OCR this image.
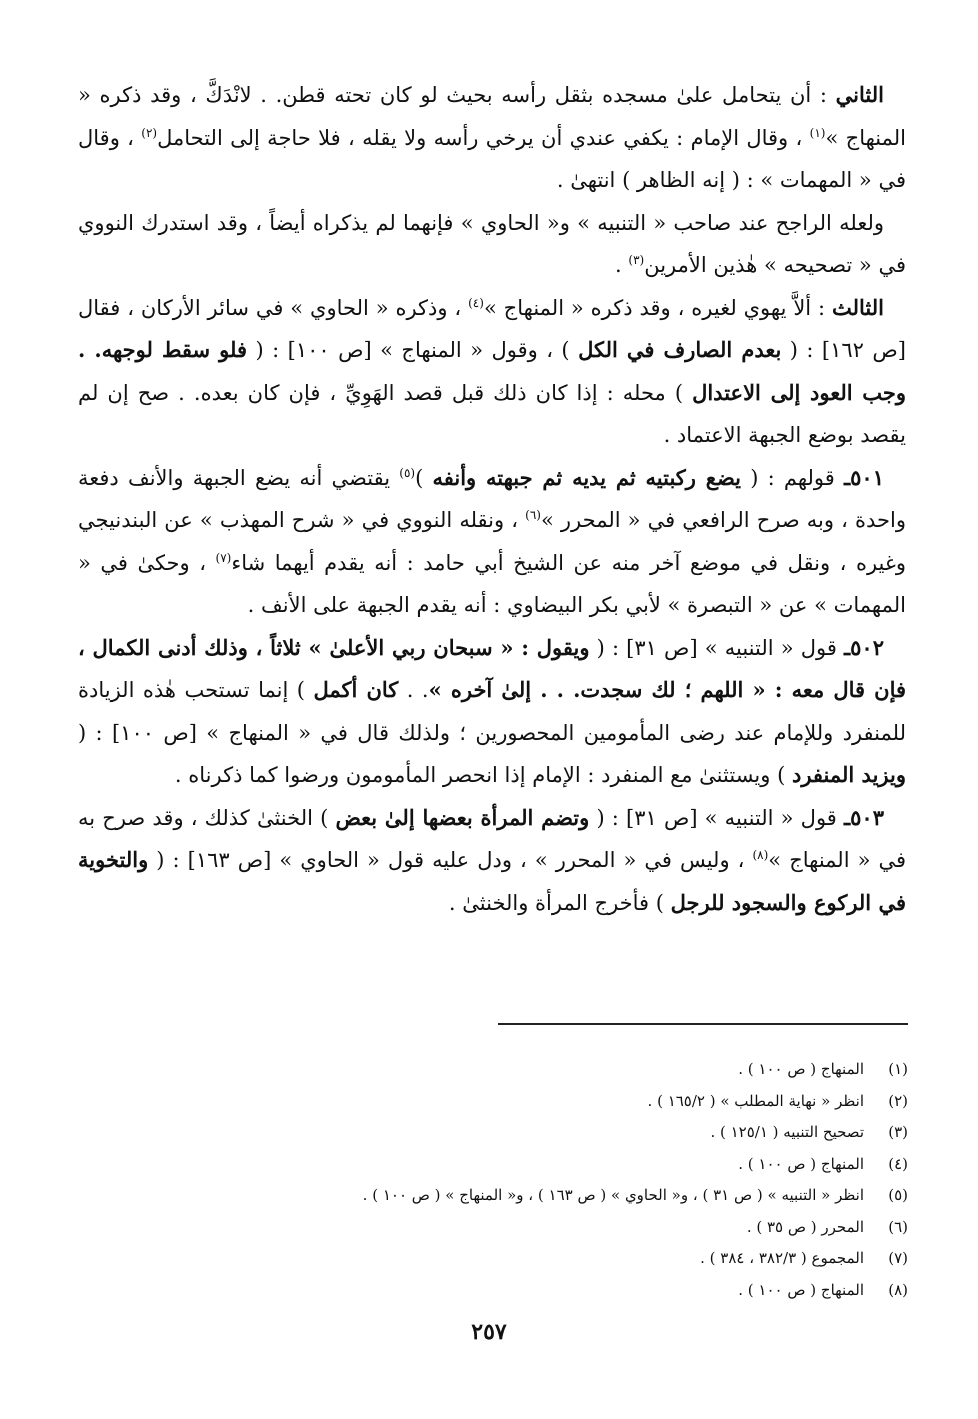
الثاني : أن يتحامل علىٰ مسجده بثقل رأسه بحيث لو كان تحته قطن. . لانْدَكَّ ، وقد ذكره « المنهاج »$^{(١)}$ ، وقال الإمام : يكفي عندي أن يرخي رأسه ولا يقله ، فلا حاجة إلى التحامل$^{(٢)}$ ، وقال في « المهمات » : ( إنه الظاهر ) انتهىٰ .

ولعله الراجح عند صاحب « التنبيه » و« الحاوي » فإنهما لم يذكراه أيضاً ، وقد استدرك النووي في « تصحيحه » هٰذين الأمرين$^{(٣)}$ .

الثالث : ألاَّ يهوي لغيره ، وقد ذكره « المنهاج »$^{(٤)}$ ، وذكره « الحاوي » في سائر الأركان ، فقال [ص ١٦٢] : ( بعدم الصارف في الكل ) ، وقول « المنهاج » [ص ١٠٠] : ( فلو سقط لوجهه. . وجب العود إلى الاعتدال ) محله : إذا كان ذلك قبل قصد الهَوِيِّ ، فإن كان بعده. . صح إن لم يقصد بوضع الجبهة الاعتماد .

٥٠١ـ قولهم : ( يضع ركبتيه ثم يديه ثم جبهته وأنفه )$^{(٥)}$ يقتضي أنه يضع الجبهة والأنف دفعة واحدة ، وبه صرح الرافعي في « المحرر »$^{(٦)}$ ، ونقله النووي في « شرح المهذب » عن البندنيجي وغيره ، ونقل في موضع آخر منه عن الشيخ أبي حامد : أنه يقدم أيهما شاء$^{(٧)}$ ، وحكىٰ في « المهمات » عن « التبصرة » لأبي بكر البيضاوي : أنه يقدم الجبهة على الأنف .

٥٠٢ـ قول « التنبيه » [ص ٣١] : ( ويقول : « سبحان ربي الأعلىٰ » ثلاثاً ، وذلك أدنى الكمال ، فإن قال معه : « اللهم ؛ لك سجدت. . . إلىٰ آخره ». . كان أكمل ) إنما تستحب هٰذه الزيادة للمنفرد وللإمام عند رضى المأمومين المحصورين ؛ ولذلك قال في « المنهاج » [ص ١٠٠] : ( ويزيد المنفرد ) ويستثنىٰ مع المنفرد : الإمام إذا انحصر المأمومون ورضوا كما ذكرناه .

٥٠٣ـ قول « التنبيه » [ص ٣١] : ( وتضم المرأة بعضها إلىٰ بعض ) الخنثىٰ كذلك ، وقد صرح به في « المنهاج »$^{(٨)}$ ، وليس في « المحرر » ، ودل عليه قول « الحاوي » [ص ١٦٣] : ( والتخوية في الركوع والسجود للرجل ) فأخرج المرأة والخنثىٰ .

(١)المنهاج ( ص ١٠٠ ) .
(٢)انظر « نهاية المطلب » ( ١٦٥/٢ ) .
(٣)تصحيح التنبيه ( ١٢٥/١ ) .
(٤)المنهاج ( ص ١٠٠ ) .
(٥)انظر « التنبيه » ( ص ٣١ ) ، و« الحاوي » ( ص ١٦٣ ) ، و« المنهاج » ( ص ١٠٠ ) .
(٦)المحرر ( ص ٣٥ ) .
(٧)المجموع ( ٣٨٢/٣ ، ٣٨٤ ) .
(٨)المنهاج ( ص ١٠٠ ) .
٢٥٧
